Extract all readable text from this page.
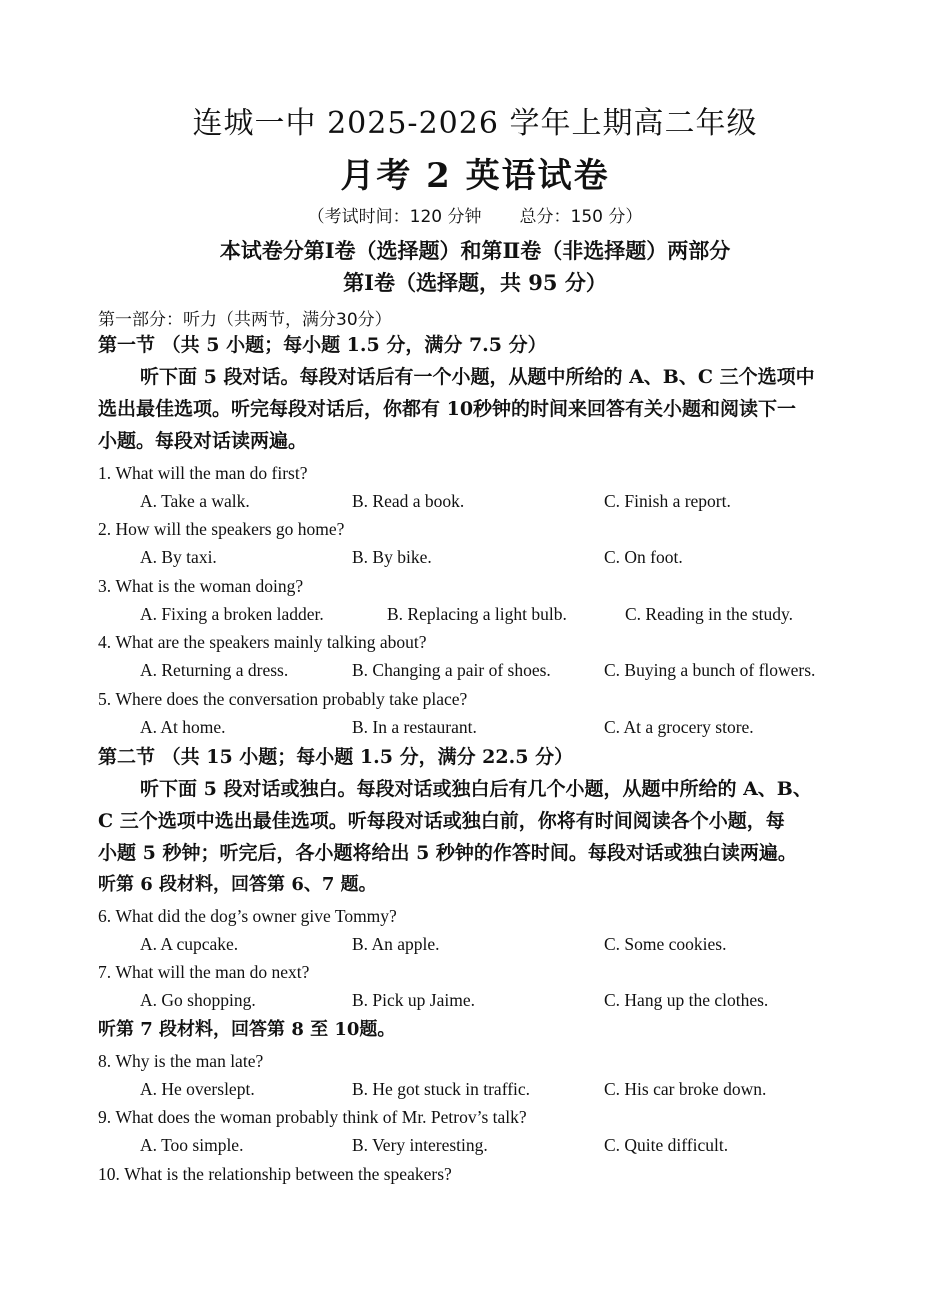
连城一中 2025-2026 学年上期高二年级
月考 2 英语试卷
（考试时间：120 分钟 总分：150 分）
本试卷分第Ⅰ卷（选择题）和第Ⅱ卷（非选择题）两部分
第Ⅰ卷（选择题，共 95 分）
第一部分：听力（共两节，满分30分）
第一节 （共 5 小题；每小题 1.5 分，满分 7.5 分）
听下面 5 段对话。每段对话后有一个小题，从题中所给的 A、B、C 三个选项中
选出最佳选项。听完每段对话后，你都有 10秒钟的时间来回答有关小题和阅读下一
小题。每段对话读两遍。
1. What will the man do first?
A. Take a walk.	B. Read a book.	C. Finish a report.
2. How will the speakers go home?
A. By taxi.	B. By bike.	C. On foot.
3. What is the woman doing?
A. Fixing a broken ladder.	B. Replacing a light bulb.	C. Reading in the study.
4. What are the speakers mainly talking about?
A. Returning a dress.	B. Changing a pair of shoes.	C. Buying a bunch of flowers.
5. Where does the conversation probably take place?
A. At home.	B. In a restaurant.	C. At a grocery store.
第二节 （共 15 小题；每小题 1.5 分，满分 22.5 分）
听下面 5 段对话或独白。每段对话或独白后有几个小题，从题中所给的 A、B、
C 三个选项中选出最佳选项。听每段对话或独白前，你将有时间阅读各个小题，每
小题 5 秒钟；听完后，各小题将给出 5 秒钟的作答时间。每段对话或独白读两遍。
听第 6 段材料，回答第 6、7 题。
6. What did the dog’s owner give Tommy?
A. A cupcake.	B. An apple.	C. Some cookies.
7. What will the man do next?
A. Go shopping.	B. Pick up Jaime.	C. Hang up the clothes.
听第 7 段材料，回答第 8 至 10题。
8. Why is the man late?
A. He overslept.	B. He got stuck in traffic.	C. His car broke down.
9. What does the woman probably think of Mr. Petrov’s talk?
A. Too simple.	B. Very interesting.	C. Quite difficult.
10. What is the relationship between the speakers?
